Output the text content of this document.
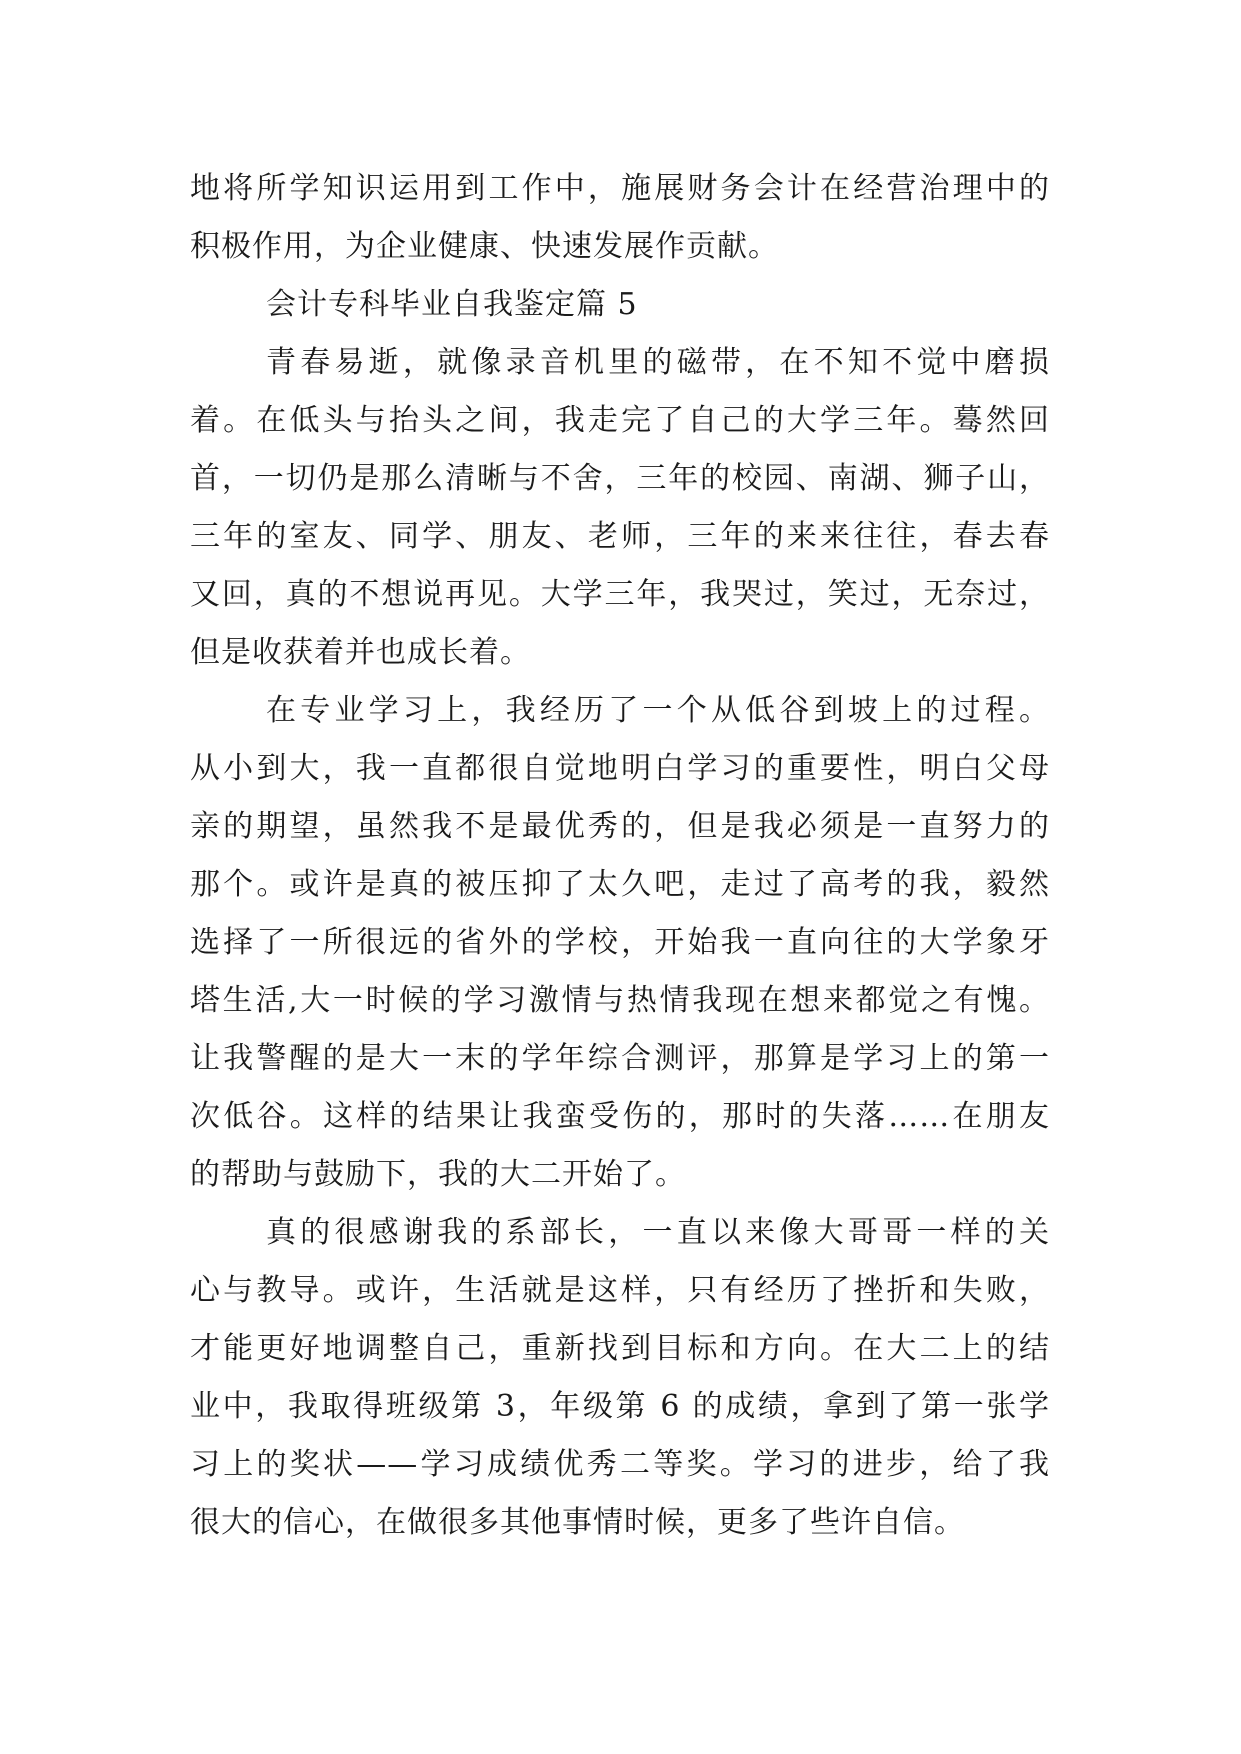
地将所学知识运用到工作中，施展财务会计在经营治理中的
积极作用，为企业健康、快速发展作贡献。
会计专科毕业自我鉴定篇 5
青春易逝，就像录音机里的磁带，在不知不觉中磨损
着。在低头与抬头之间，我走完了自己的大学三年。蓦然回
首，一切仍是那么清晰与不舍，三年的校园、南湖、狮子山，
三年的室友、同学、朋友、老师，三年的来来往往，春去春
又回，真的不想说再见。大学三年，我哭过，笑过，无奈过，
但是收获着并也成长着。
在专业学习上，我经历了一个从低谷到坡上的过程。
从小到大，我一直都很自觉地明白学习的重要性，明白父母
亲的期望，虽然我不是最优秀的，但是我必须是一直努力的
那个。或许是真的被压抑了太久吧，走过了高考的我，毅然
选择了一所很远的省外的学校，开始我一直向往的大学象牙
塔生活,大一时候的学习激情与热情我现在想来都觉之有愧。
让我警醒的是大一末的学年综合测评，那算是学习上的第一
次低谷。这样的结果让我蛮受伤的，那时的失落……在朋友
的帮助与鼓励下，我的大二开始了。
真的很感谢我的系部长，一直以来像大哥哥一样的关
心与教导。或许，生活就是这样，只有经历了挫折和失败，
才能更好地调整自己，重新找到目标和方向。在大二上的结
业中，我取得班级第 3，年级第 6 的成绩，拿到了第一张学
习上的奖状——学习成绩优秀二等奖。学习的进步，给了我
很大的信心，在做很多其他事情时候，更多了些许自信。
